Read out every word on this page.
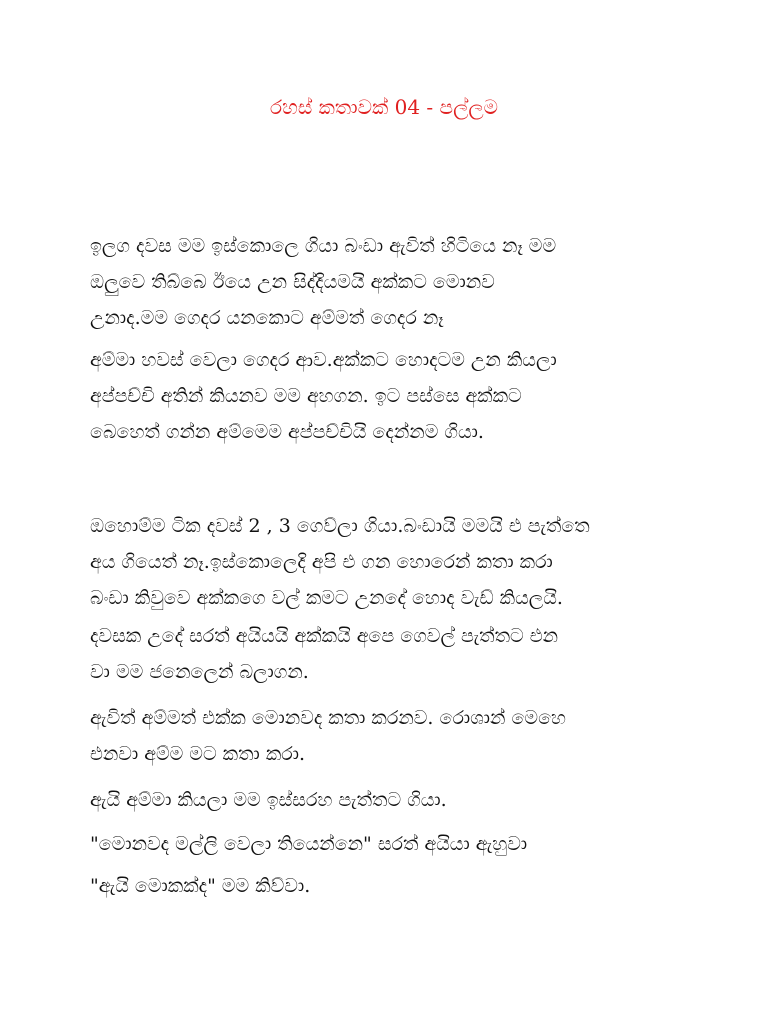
රහස් කතාවක් 04 - පල්ලම

ඉලග දවස මම ඉස්කොලෙ ගියා බංඩා ඇවිත් හිටියෙ නෑ මම
ඔලුවෙ තිබ්බෙ ඊයෙ උන සිද්දියමයි අක්කට මොනව
උනාද.මම ගෙදර යනකොට අම්මත් ගෙදර නෑ

අම්මා හවස් වෙලා ගෙදර ආව.අක්කට හොදටම උන කියලා
අප්පච්චි අතින් කියනව මම අහගන. ඉට පස්සෙ අක්කට
බෙහෙත් ගන්න අම්මෙම අප්පච්චියි දෙන්නම ගියා.

ඔහොම්ම ටික දවස් 2 , 3 ගෙව්ලා ගියා.බංඩායි මමයි එ පැත්තෙ
අය ගියෙත් නෑ.ඉස්කොලෙදි අපි එ ගන හොරෙන් කතා කරා
බංඩා කිවුවෙ අක්කගෙ වල් කමට උනදේ හොද වැඩ් කියලයි.

දවසක උදේ සරත් අයියයි අක්කයි අපෙ ගෙවල් පැත්තට එන
වා මම ජනෙලෙන් බලාගන.

ඇවිත් අම්මත් එක්ක මොනවද කතා කරනව. රොශාන් මෙහෙ
එනවා අම්ම මට කතා කරා.

ඇයි අම්මා කියලා මම ඉස්සරහ පැත්තට ගියා.

"මොනවද මල්ලි වෙලා තියෙන්නෙ" සරත් අයියා ඇහුවා

"ඇයි මොකක්ද" මම කිව්වා.
